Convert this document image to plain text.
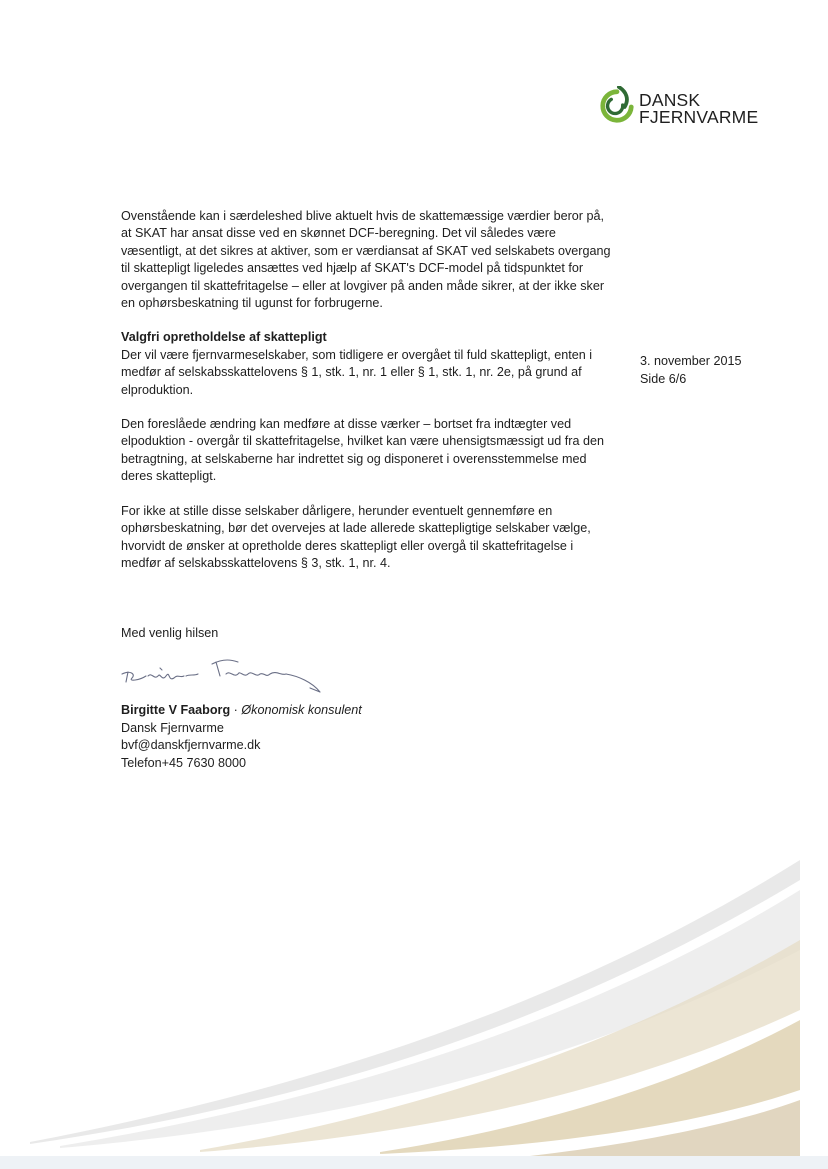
DANSK
FJERNVARME

Ovenstående kan i særdeleshed blive aktuelt hvis de skattemæssige værdier beror på, at SKAT har ansat disse ved en skønnet DCF-beregning. Det vil således være væsentligt, at det sikres at aktiver, som er værdiansat af SKAT ved selskabets overgang til skattepligt ligeledes ansættes ved hjælp af SKAT's DCF-model på tidspunktet for overgangen til skattefritagelse – eller at lovgiver på anden måde sikrer, at der ikke sker en ophørsbeskatning til ugunst for forbrugerne.

Valgfri opretholdelse af skattepligt

Der vil være fjernvarmeselskaber, som tidligere er overgået til fuld skattepligt, enten i medfør af selskabsskattelovens § 1, stk. 1, nr. 1 eller § 1, stk. 1, nr. 2e, på grund af elproduktion.

Den foreslåede ændring kan medføre at disse værker – bortset fra indtægter ved elpoduktion - overgår til skattefritagelse, hvilket kan være uhensigtsmæssigt ud fra den betragtning, at selskaberne har indrettet sig og disponeret i overensstemmelse med deres skattepligt.

For ikke at stille disse selskaber dårligere, herunder eventuelt gennemføre en ophørsbeskatning, bør det overvejes at lade allerede skattepligtige selskaber vælge, hvorvidt de ønsker at opretholde deres skattepligt eller overgå til skattefritagelse i medfør af selskabsskattelovens § 3, stk. 1, nr. 4.

3. november 2015
Side 6/6
Med venlig hilsen
Birgitte V Faaborg · Økonomisk konsulent
Dansk Fjernvarme
bvf@danskfjernvarme.dk
Telefon+45 7630 8000
